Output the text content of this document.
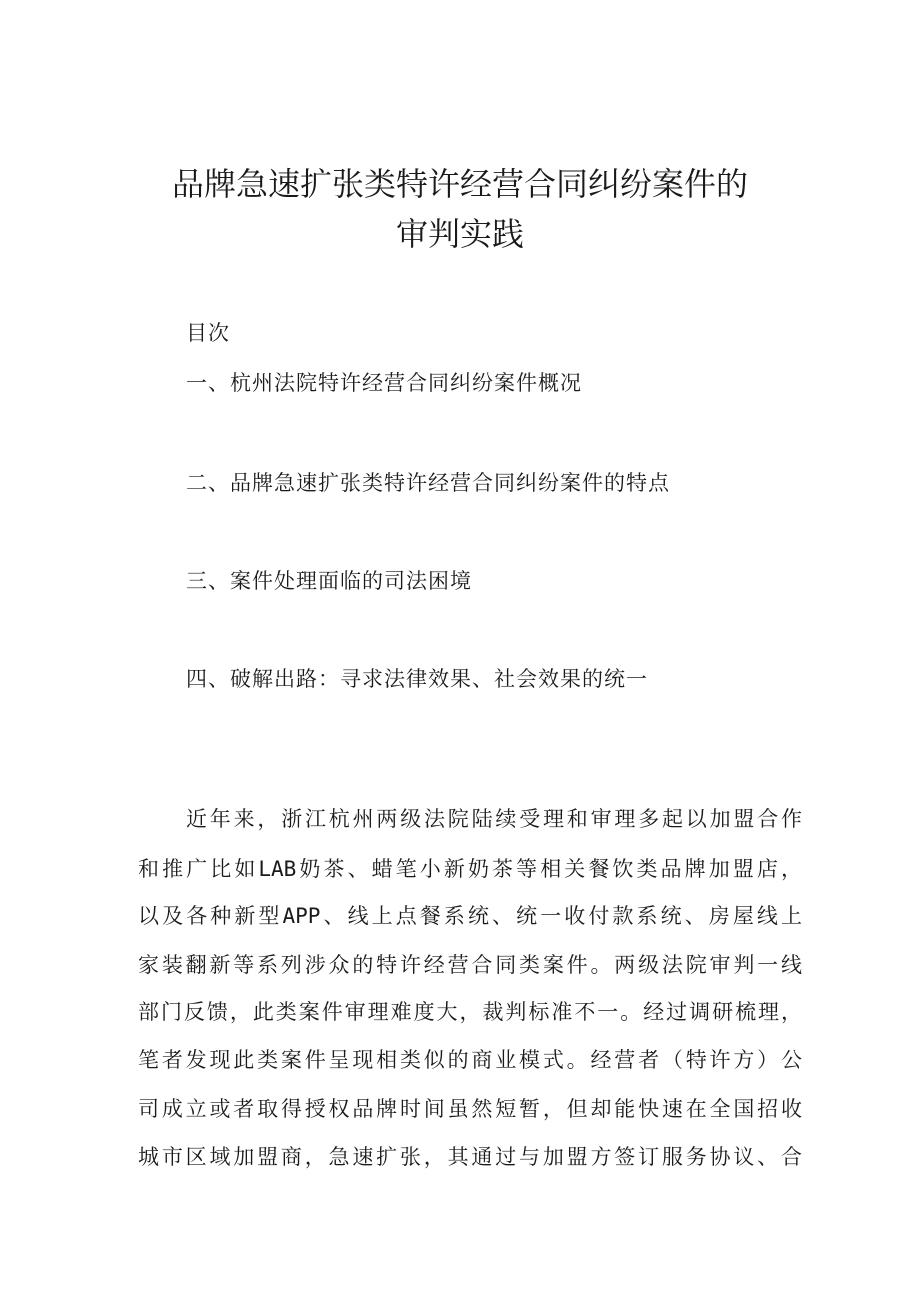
品牌急速扩张类特许经营合同纠纷案件的
审判实践
目次
一、杭州法院特许经营合同纠纷案件概况
二、品牌急速扩张类特许经营合同纠纷案件的特点
三、案件处理面临的司法困境
四、破解出路：寻求法律效果、社会效果的统一
近年来，浙江杭州两级法院陆续受理和审理多起以加盟合作
和推广比如LAB奶茶、蜡笔小新奶茶等相关餐饮类品牌加盟店，
以及各种新型APP、线上点餐系统、统一收付款系统、房屋线上
家装翻新等系列涉众的特许经营合同类案件。两级法院审判一线
部门反馈，此类案件审理难度大，裁判标准不一。经过调研梳理，
笔者发现此类案件呈现相类似的商业模式。经营者（特许方）公
司成立或者取得授权品牌时间虽然短暂，但却能快速在全国招收
城市区域加盟商，急速扩张，其通过与加盟方签订服务协议、合
